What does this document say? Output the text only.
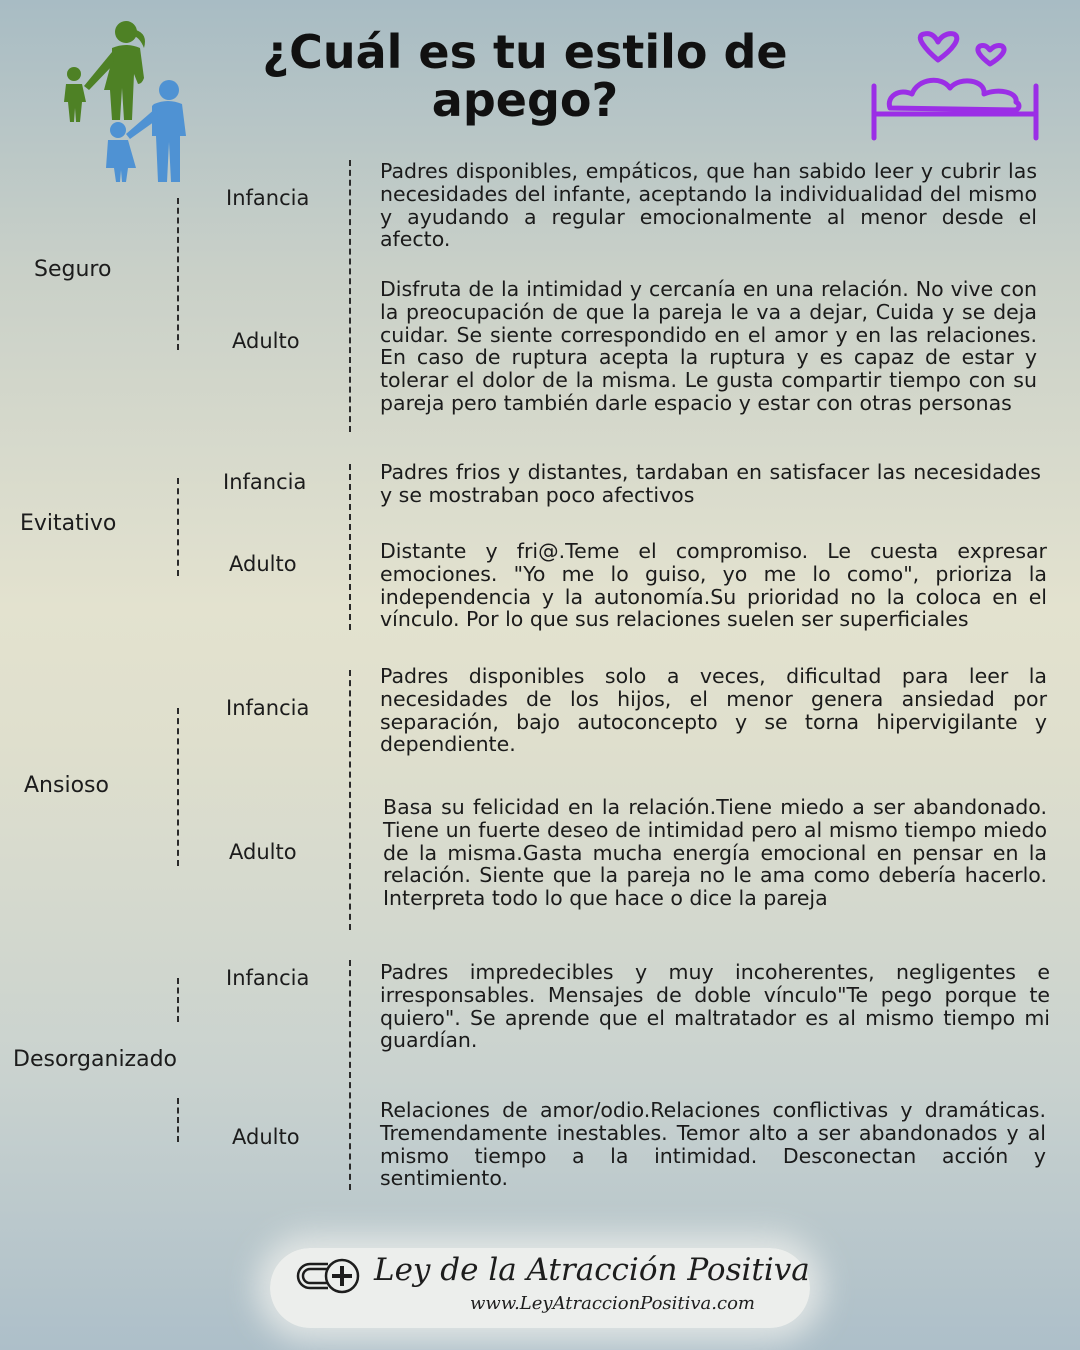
¿Cuál es tu estilo de
apego?
Seguro
Infancia
Adulto
Padres disponibles, empáticos, que han sabido leer y cubrir las necesidades del infante, aceptando la individualidad del mismo y ayudando a regular emocionalmente al menor desde el afecto.
Disfruta de la intimidad y cercanía en una relación. No vive con la preocupación de que la pareja le va a dejar, Cuida y se deja cuidar. Se siente correspondido en el amor y en las relaciones. En caso de ruptura acepta la ruptura y es capaz de estar y tolerar el dolor de la misma. Le gusta compartir tiempo con su pareja pero también darle espacio y estar con otras personas
Evitativo
Infancia
Adulto
Padres frios y distantes, tardaban en satisfacer las necesidades y se mostraban poco afectivos
Distante y fri@.Teme el compromiso. Le cuesta expresar emociones. "Yo me lo guiso, yo me lo como", prioriza la independencia y la autonomía.Su prioridad no la coloca en el vínculo. Por lo que sus relaciones suelen ser superficiales
Ansioso
Infancia
Adulto
Padres disponibles solo a veces, dificultad para leer la necesidades de los hijos, el menor genera ansiedad por separación, bajo autoconcepto y se torna hipervigilante y dependiente.
Basa su felicidad en la relación.Tiene miedo a ser abandonado. Tiene un fuerte deseo de intimidad pero al mismo tiempo miedo de la misma.Gasta mucha energía emocional en pensar en la relación. Siente que la pareja no le ama como debería hacerlo. Interpreta todo lo que hace o dice la pareja
Desorganizado
Infancia
Adulto
Padres impredecibles y muy incoherentes, negligentes e irresponsables. Mensajes de doble vínculo"Te pego porque te quiero". Se aprende que el maltratador es al mismo tiempo mi guardían.
Relaciones de amor/odio.Relaciones conflictivas y dramáticas. Tremendamente inestables. Temor alto a ser abandonados y al mismo tiempo a la intimidad. Desconectan acción y sentimiento.
Ley de la Atracción Positiva
www.LeyAtraccionPositiva.com
